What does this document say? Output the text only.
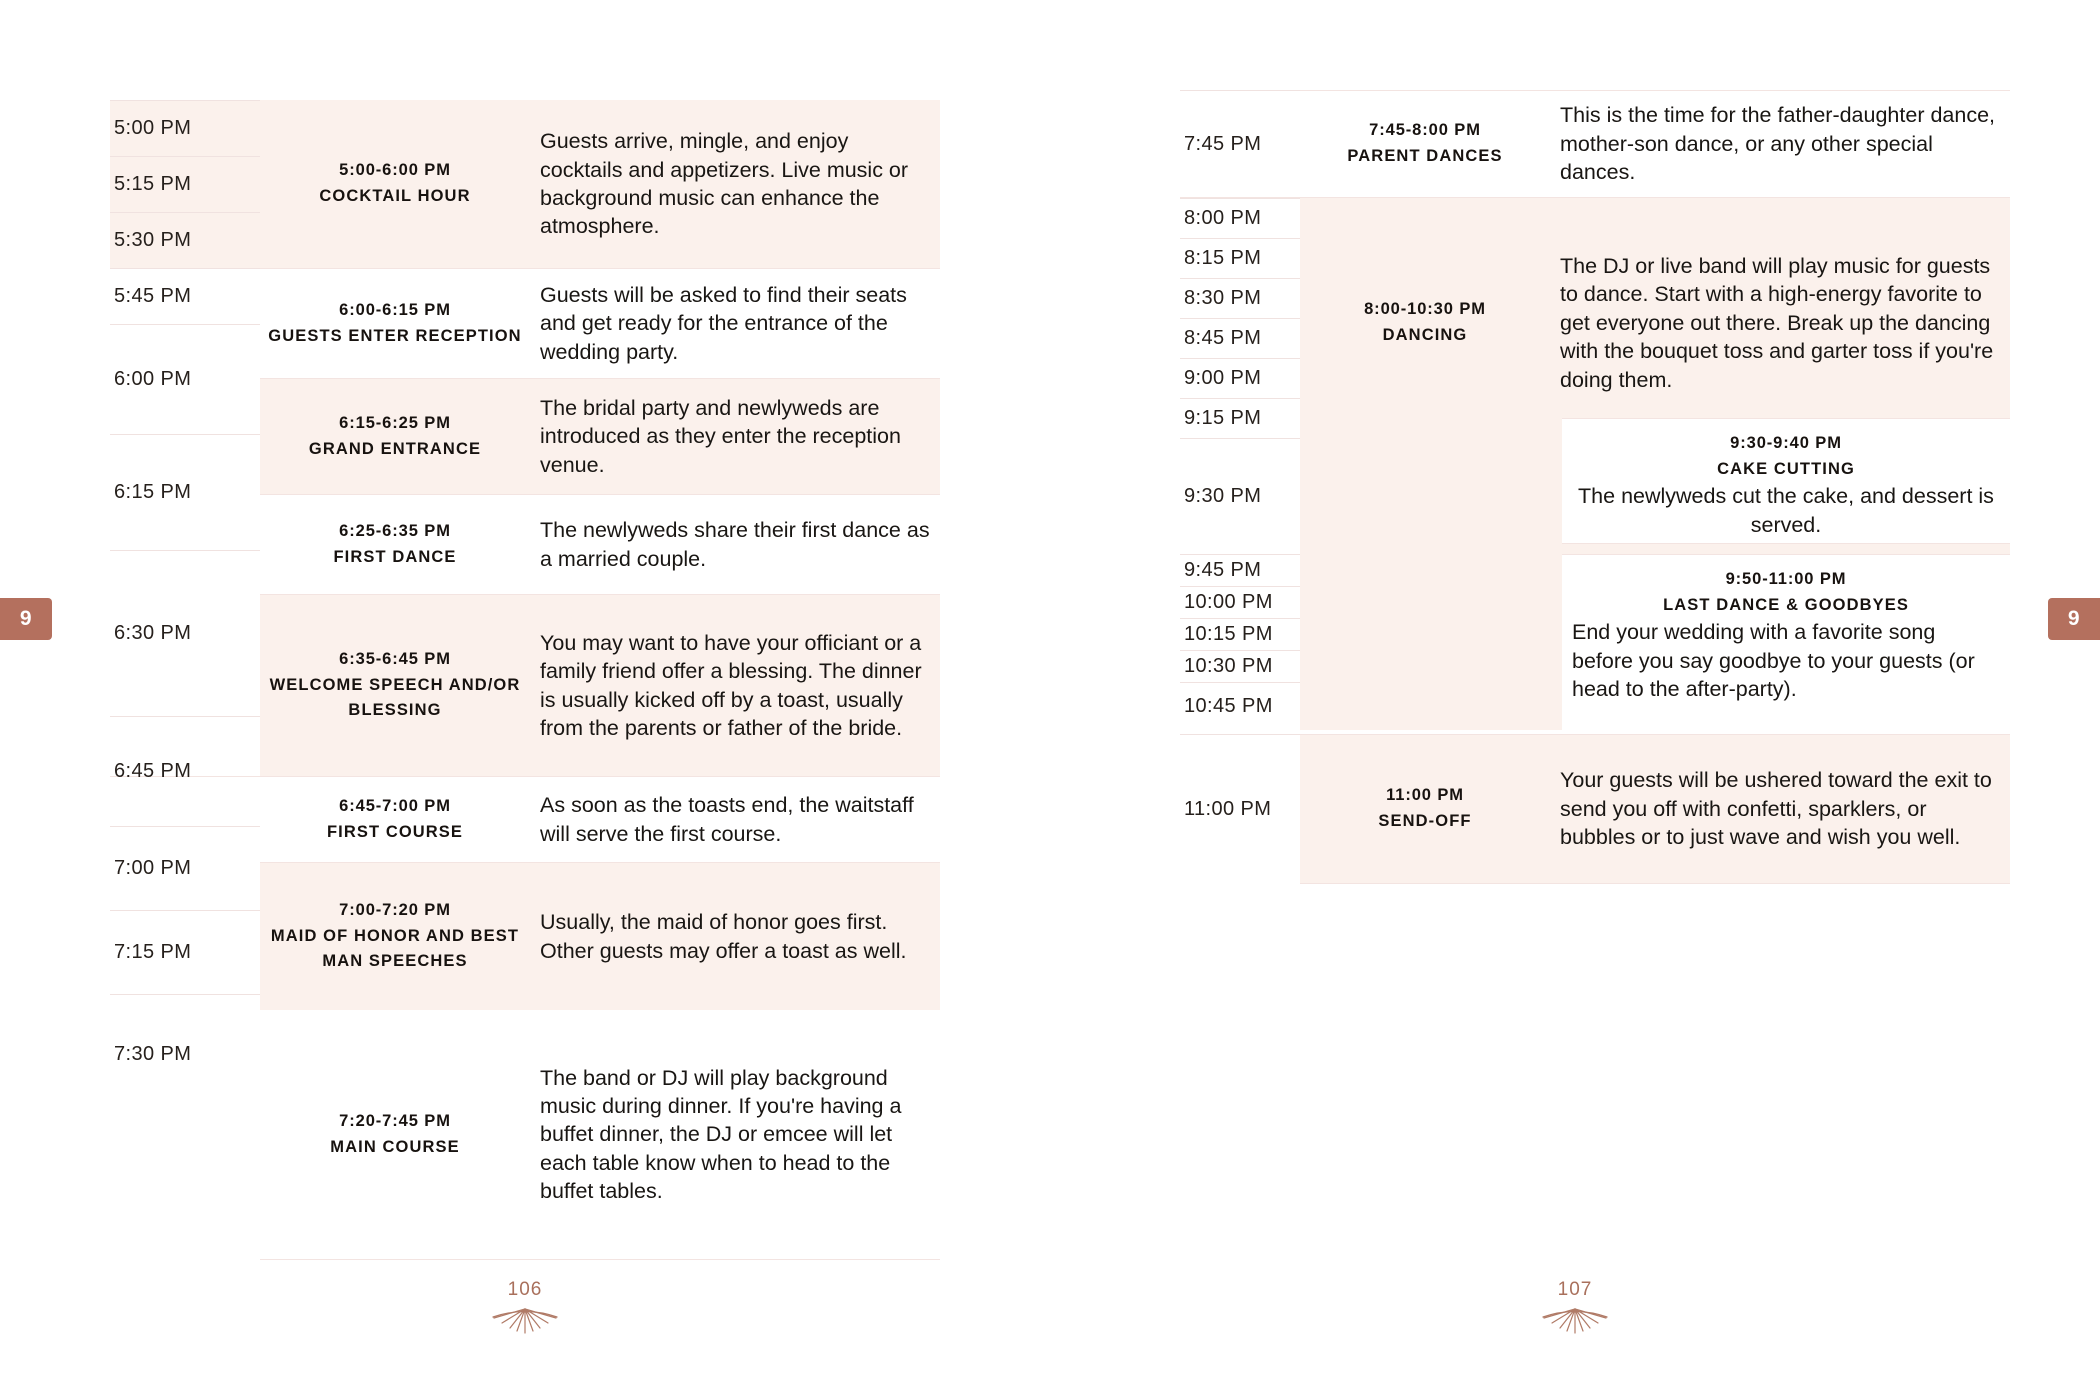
9
5:00-6:00 PM
COCKTAIL HOUR
Guests arrive, mingle, and enjoy cocktails and appetizers. Live music or background music can enhance the atmosphere.
6:00-6:15 PM
GUESTS ENTER RECEPTION
Guests will be asked to find their seats and get ready for the entrance of the wedding party.
6:15-6:25 PM
GRAND ENTRANCE
The bridal party and newlyweds are introduced as they enter the reception venue.
6:25-6:35 PM
FIRST DANCE
The newlyweds share their first dance as a married couple.
6:35-6:45 PM
WELCOME SPEECH AND/OR BLESSING
You may want to have your officiant or a family friend offer a blessing. The dinner is usually kicked off by a toast, usually from the parents or father of the bride.
6:45-7:00 PM
FIRST COURSE
As soon as the toasts end, the waitstaff will serve the first course.
7:00-7:20 PM
MAID OF HONOR AND BEST MAN SPEECHES
Usually, the maid of honor goes first. Other guests may offer a toast as well.
7:20-7:45 PM
MAIN COURSE
The band or DJ will play background music during dinner. If you're having a buffet dinner, the DJ or emcee will let each table know when to head to the buffet tables.
5:00 PM
5:15 PM
5:30 PM
5:45 PM
6:00 PM
6:15 PM
6:30 PM
6:45 PM
7:00 PM
7:15 PM
7:30 PM
106
9
7:45-8:00 PM
PARENT DANCES
This is the time for the father-daughter dance, mother-son dance, or any other special dances.
8:00-10:30 PM
DANCING
The DJ or live band will play music for guests to dance. Start with a high-energy favorite to get everyone out there. Break up the dancing with the bouquet toss and garter toss if you're doing them.
9:30-9:40 PM
CAKE CUTTING
The newlyweds cut the cake, and dessert is served.
9:50-11:00 PM
LAST DANCE & GOODBYES
End your wedding with a favorite song before you say goodbye to your guests (or head to the after-party).
11:00 PM
SEND-OFF
Your guests will be ushered toward the exit to send you off with confetti, sparklers, or bubbles or to just wave and wish you well.
7:45 PM
8:00 PM
8:15 PM
8:30 PM
8:45 PM
9:00 PM
9:15 PM
9:30 PM
9:45 PM
10:00 PM
10:15 PM
10:30 PM
10:45 PM
11:00 PM
107
